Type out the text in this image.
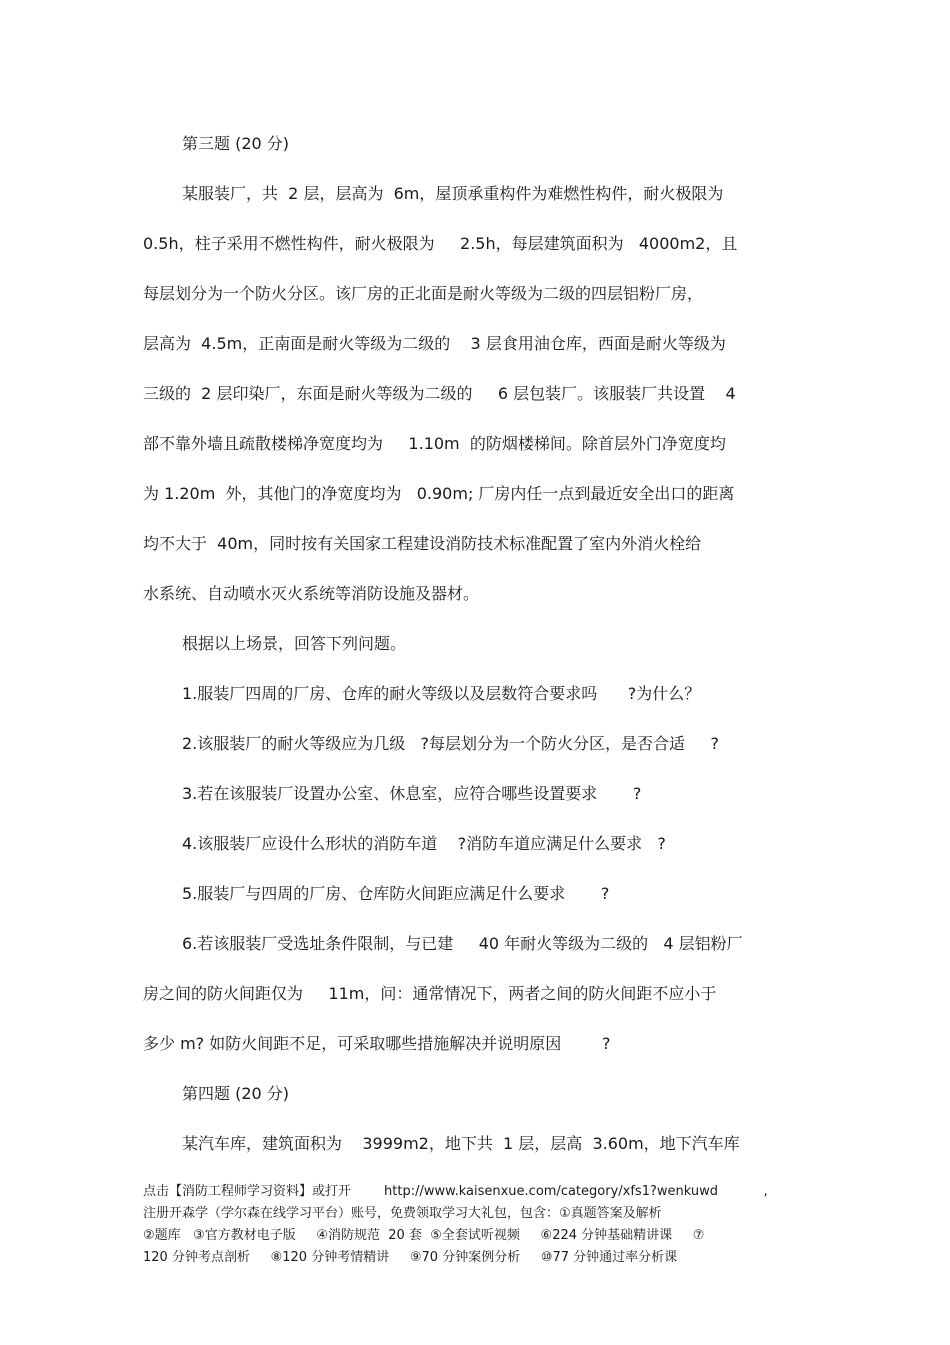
第三题 (20 分)
某服装厂，共  2 层，层高为  6m，屋顶承重构件为难燃性构件，耐火极限为
0.5h，柱子采用不燃性构件，耐火极限为     2.5h，每层建筑面积为   4000m2，且
每层划分为一个防火分区。该厂房的正北面是耐火等级为二级的四层铝粉厂房，
层高为  4.5m，正南面是耐火等级为二级的    3 层食用油仓库，西面是耐火等级为
三级的  2 层印染厂，东面是耐火等级为二级的     6 层包装厂。该服装厂共设置    4
部不靠外墙且疏散楼梯净宽度均为     1.10m  的防烟楼梯间。除首层外门净宽度均
为 1.20m  外，其他门的净宽度均为   0.90m; 厂房内任一点到最近安全出口的距离
均不大于  40m，同时按有关国家工程建设消防技术标准配置了室内外消火栓给
水系统、自动喷水灭火系统等消防设施及器材。
根据以上场景，回答下列问题。
1.服装厂四周的厂房、仓库的耐火等级以及层数符合要求吗      ?为什么？
2.该服装厂的耐火等级应为几级   ?每层划分为一个防火分区，是否合适     ?
3.若在该服装厂设置办公室、休息室，应符合哪些设置要求       ?
4.该服装厂应设什么形状的消防车道    ?消防车道应满足什么要求   ?
5.服装厂与四周的厂房、仓库防火间距应满足什么要求       ?
6.若该服装厂受选址条件限制，与已建     40 年耐火等级为二级的   4 层铝粉厂
房之间的防火间距仅为     11m，问：通常情况下，两者之间的防火间距不应小于
多少 m? 如防火间距不足，可采取哪些措施解决并说明原因        ?
第四题 (20 分)
某汽车库，建筑面积为    3999m2，地下共  1 层，层高  3.60m，地下汽车库
点击【消防工程师学习资料】或打开        http://www.kaisenxue.com/category/xfs1?wenkuwd           ,
注册开森学（学尔森在线学习平台）账号，免费领取学习大礼包，包含：①真题答案及解析
②题库   ③官方教材电子版     ④消防规范  20 套  ⑤全套试听视频     ⑥224 分钟基础精讲课     ⑦
120 分钟考点剖析     ⑧120 分钟考情精讲     ⑨70 分钟案例分析     ⑩77 分钟通过率分析课
